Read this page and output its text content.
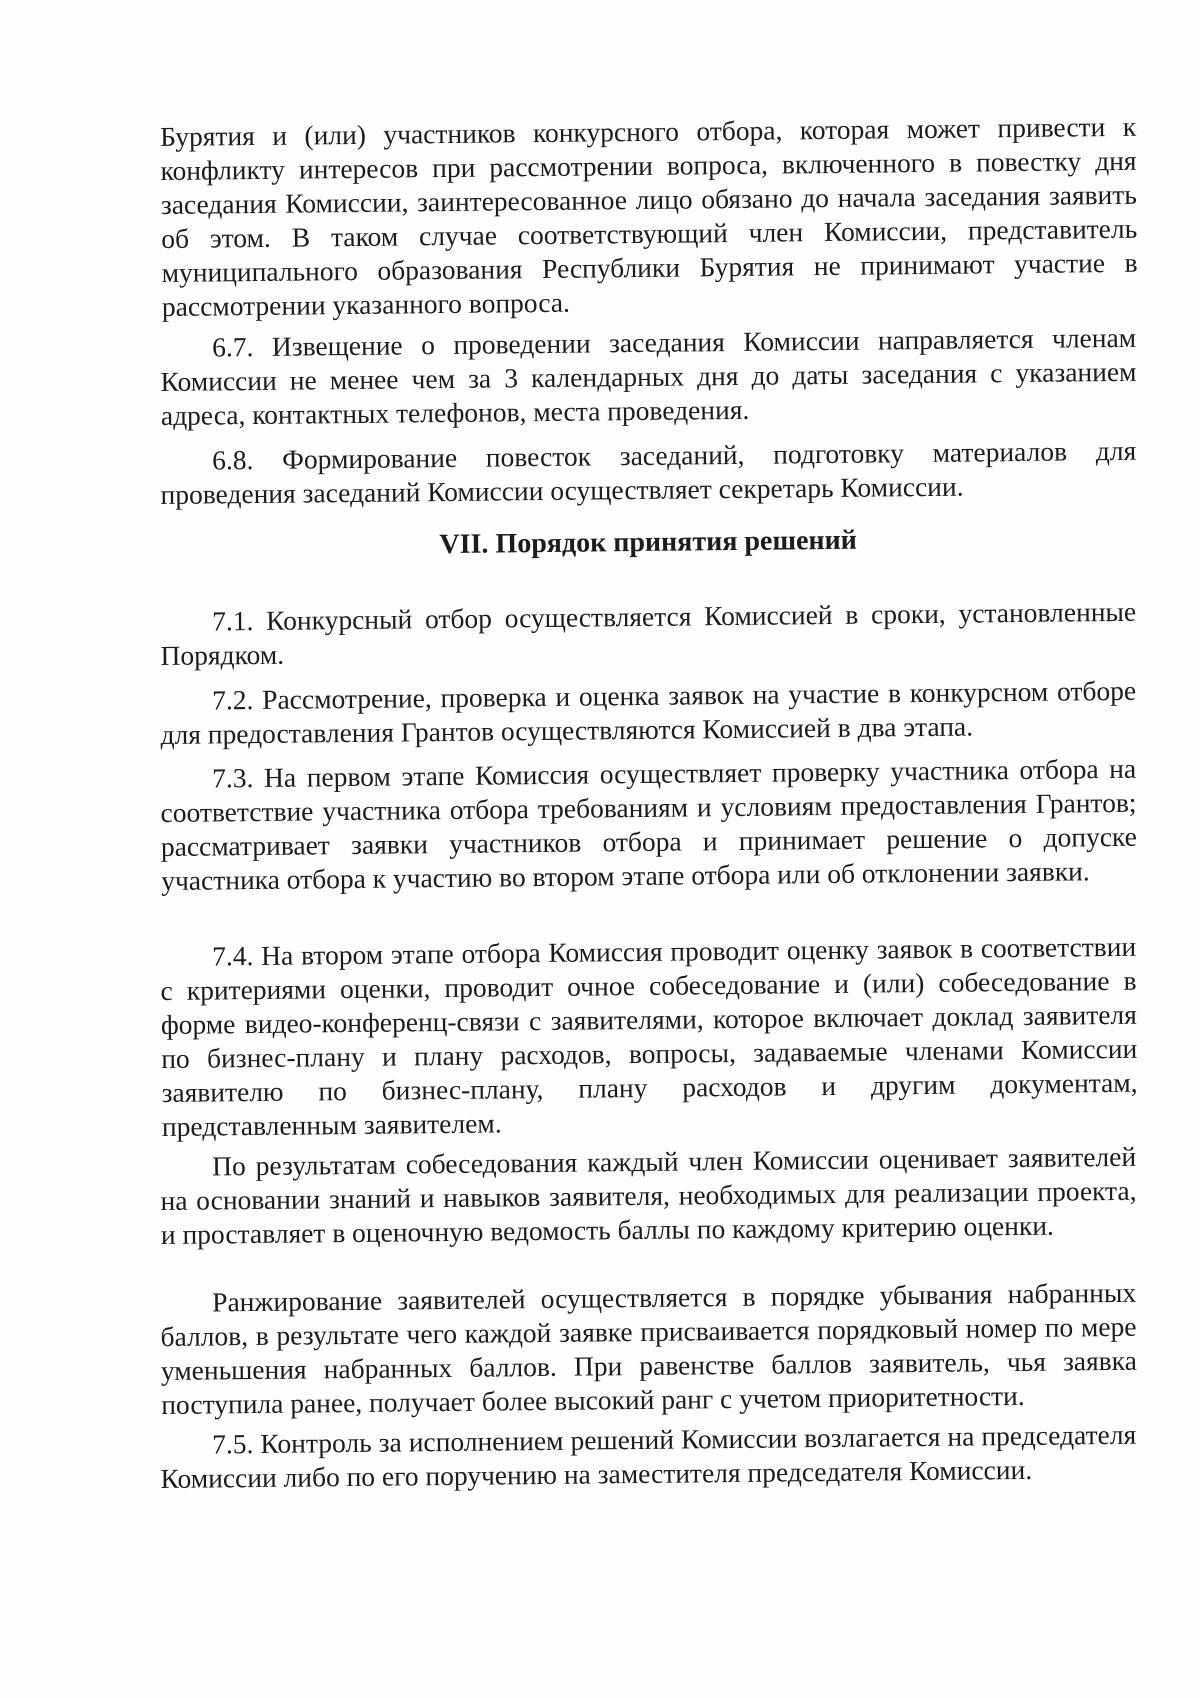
Бурятия и (или) участников конкурсного отбора, которая может привести к конфликту интересов при рассмотрении вопроса, включенного в повестку дня заседания Комиссии, заинтересованное лицо обязано до начала заседания заявить об этом. В таком случае соответствующий член Комиссии, представитель муниципального образования Республики Бурятия не принимают участие в рассмотрении указанного вопроса.

6.7. Извещение о проведении заседания Комиссии направляется членам Комиссии не менее чем за 3 календарных дня до даты заседания с указанием адреса, контактных телефонов, места проведения.

6.8. Формирование повесток заседаний, подготовку материалов для проведения заседаний Комиссии осуществляет секретарь Комиссии.

VII. Порядок принятия решений

7.1. Конкурсный отбор осуществляется Комиссией в сроки, установленные Порядком.

7.2. Рассмотрение, проверка и оценка заявок на участие в конкурсном отборе для предоставления Грантов осуществляются Комиссией в два этапа.

7.3. На первом этапе Комиссия осуществляет проверку участника отбора на соответствие участника отбора требованиям и условиям предоставления Грантов; рассматривает заявки участников отбора и принимает решение о допуске участника отбора к участию во втором этапе отбора или об отклонении заявки.

7.4. На втором этапе отбора Комиссия проводит оценку заявок в соответствии с критериями оценки, проводит очное собеседование и (или) собеседование в форме видео-конференц-связи с заявителями, которое включает доклад заявителя по бизнес-плану и плану расходов, вопросы, задаваемые членами Комиссии заявителю по бизнес-плану, плану расходов и другим документам, представленным заявителем.

По результатам собеседования каждый член Комиссии оценивает заявителей на основании знаний и навыков заявителя, необходимых для реализации проекта, и проставляет в оценочную ведомость баллы по каждому критерию оценки.

Ранжирование заявителей осуществляется в порядке убывания набранных баллов, в результате чего каждой заявке присваивается порядковый номер по мере уменьшения набранных баллов. При равенстве баллов заявитель, чья заявка поступила ранее, получает более высокий ранг с учетом приоритетности.

7.5. Контроль за исполнением решений Комиссии возлагается на председателя Комиссии либо по его поручению на заместителя председателя Комиссии.
